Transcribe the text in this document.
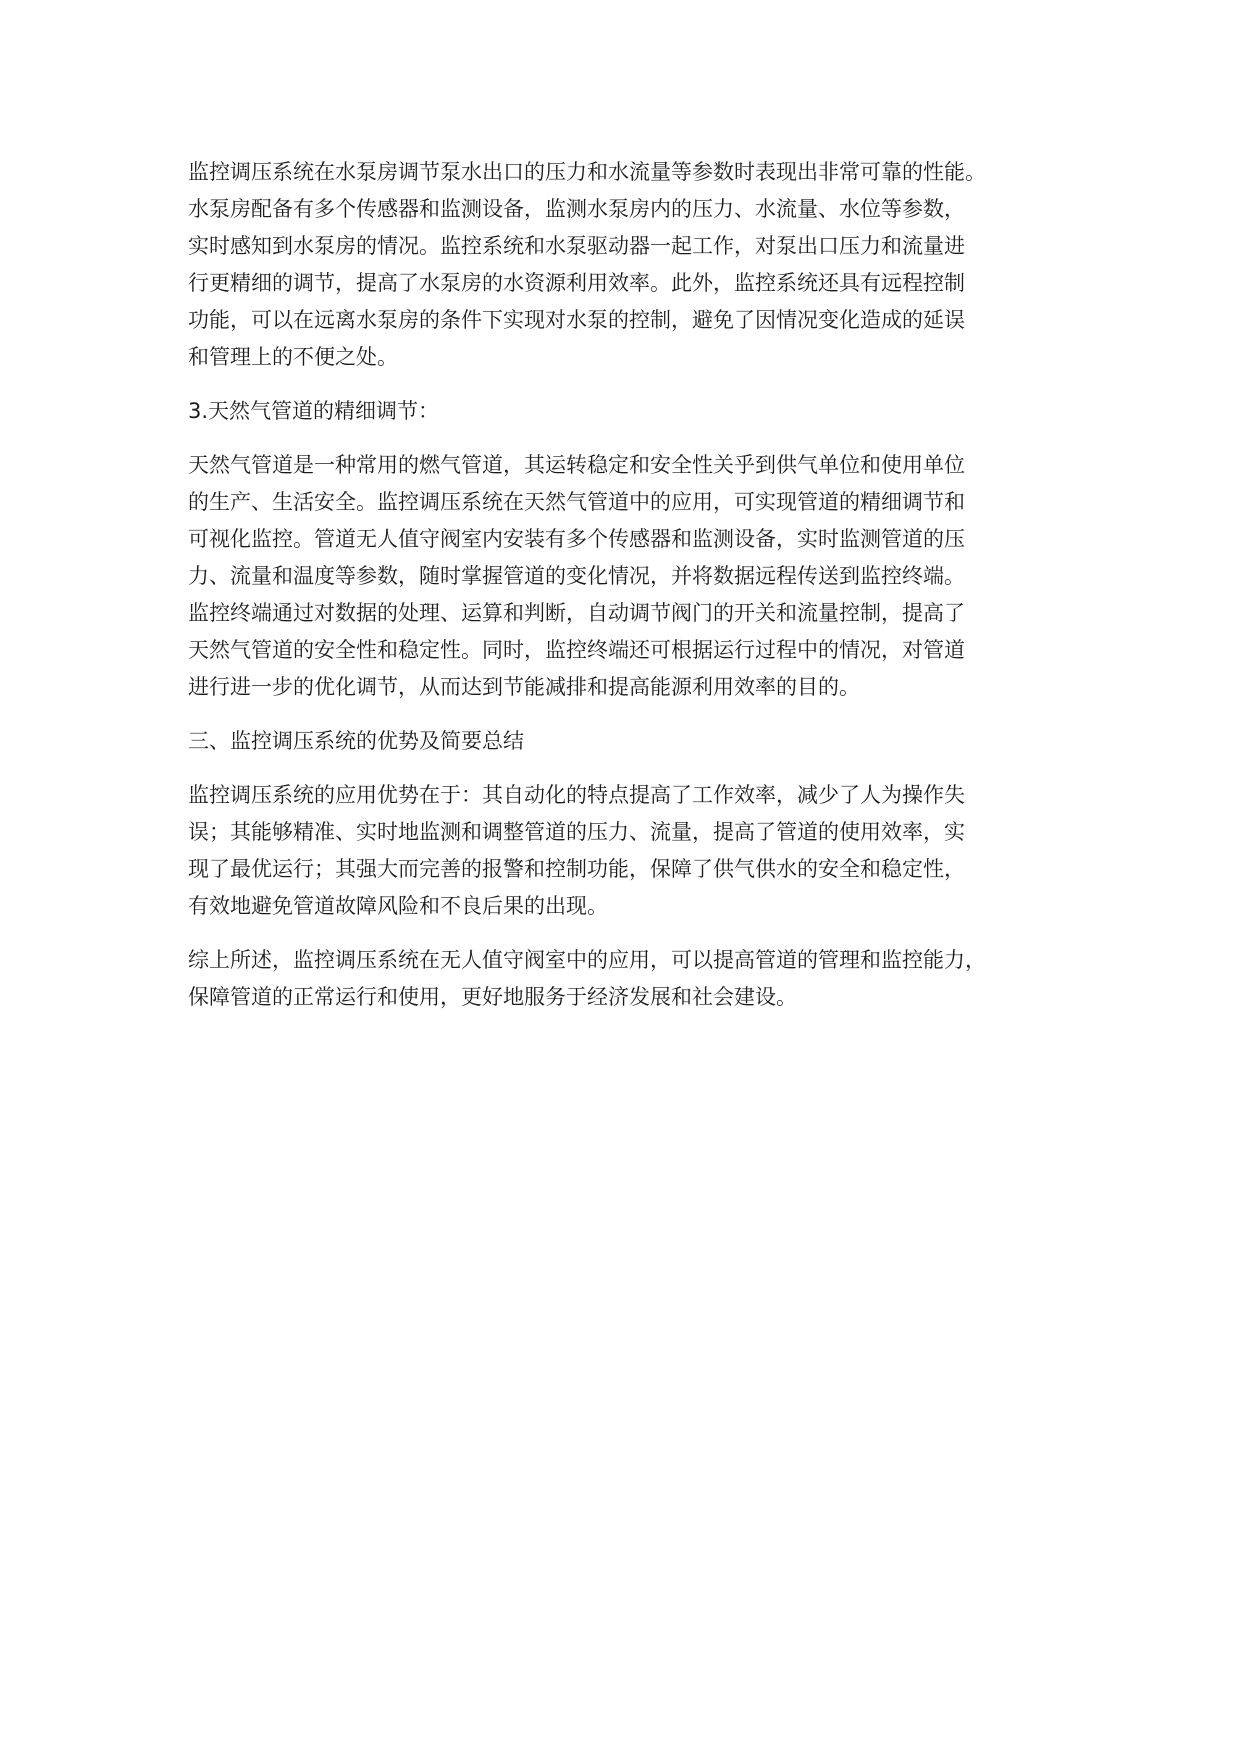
监控调压系统在水泵房调节泵水出口的压力和水流量等参数时表现出非常可靠的性能。
水泵房配备有多个传感器和监测设备，监测水泵房内的压力、水流量、水位等参数，
实时感知到水泵房的情况。监控系统和水泵驱动器一起工作，对泵出口压力和流量进
行更精细的调节，提高了水泵房的水资源利用效率。此外，监控系统还具有远程控制
功能，可以在远离水泵房的条件下实现对水泵的控制，避免了因情况变化造成的延误
和管理上的不便之处。
3.天然气管道的精细调节：
天然气管道是一种常用的燃气管道，其运转稳定和安全性关乎到供气单位和使用单位
的生产、生活安全。监控调压系统在天然气管道中的应用，可实现管道的精细调节和
可视化监控。管道无人值守阀室内安装有多个传感器和监测设备，实时监测管道的压
力、流量和温度等参数，随时掌握管道的变化情况，并将数据远程传送到监控终端。
监控终端通过对数据的处理、运算和判断，自动调节阀门的开关和流量控制，提高了
天然气管道的安全性和稳定性。同时，监控终端还可根据运行过程中的情况，对管道
进行进一步的优化调节，从而达到节能减排和提高能源利用效率的目的。
三、监控调压系统的优势及简要总结
监控调压系统的应用优势在于：其自动化的特点提高了工作效率，减少了人为操作失
误；其能够精准、实时地监测和调整管道的压力、流量，提高了管道的使用效率，实
现了最优运行；其强大而完善的报警和控制功能，保障了供气供水的安全和稳定性，
有效地避免管道故障风险和不良后果的出现。
综上所述，监控调压系统在无人值守阀室中的应用，可以提高管道的管理和监控能力，
保障管道的正常运行和使用，更好地服务于经济发展和社会建设。
